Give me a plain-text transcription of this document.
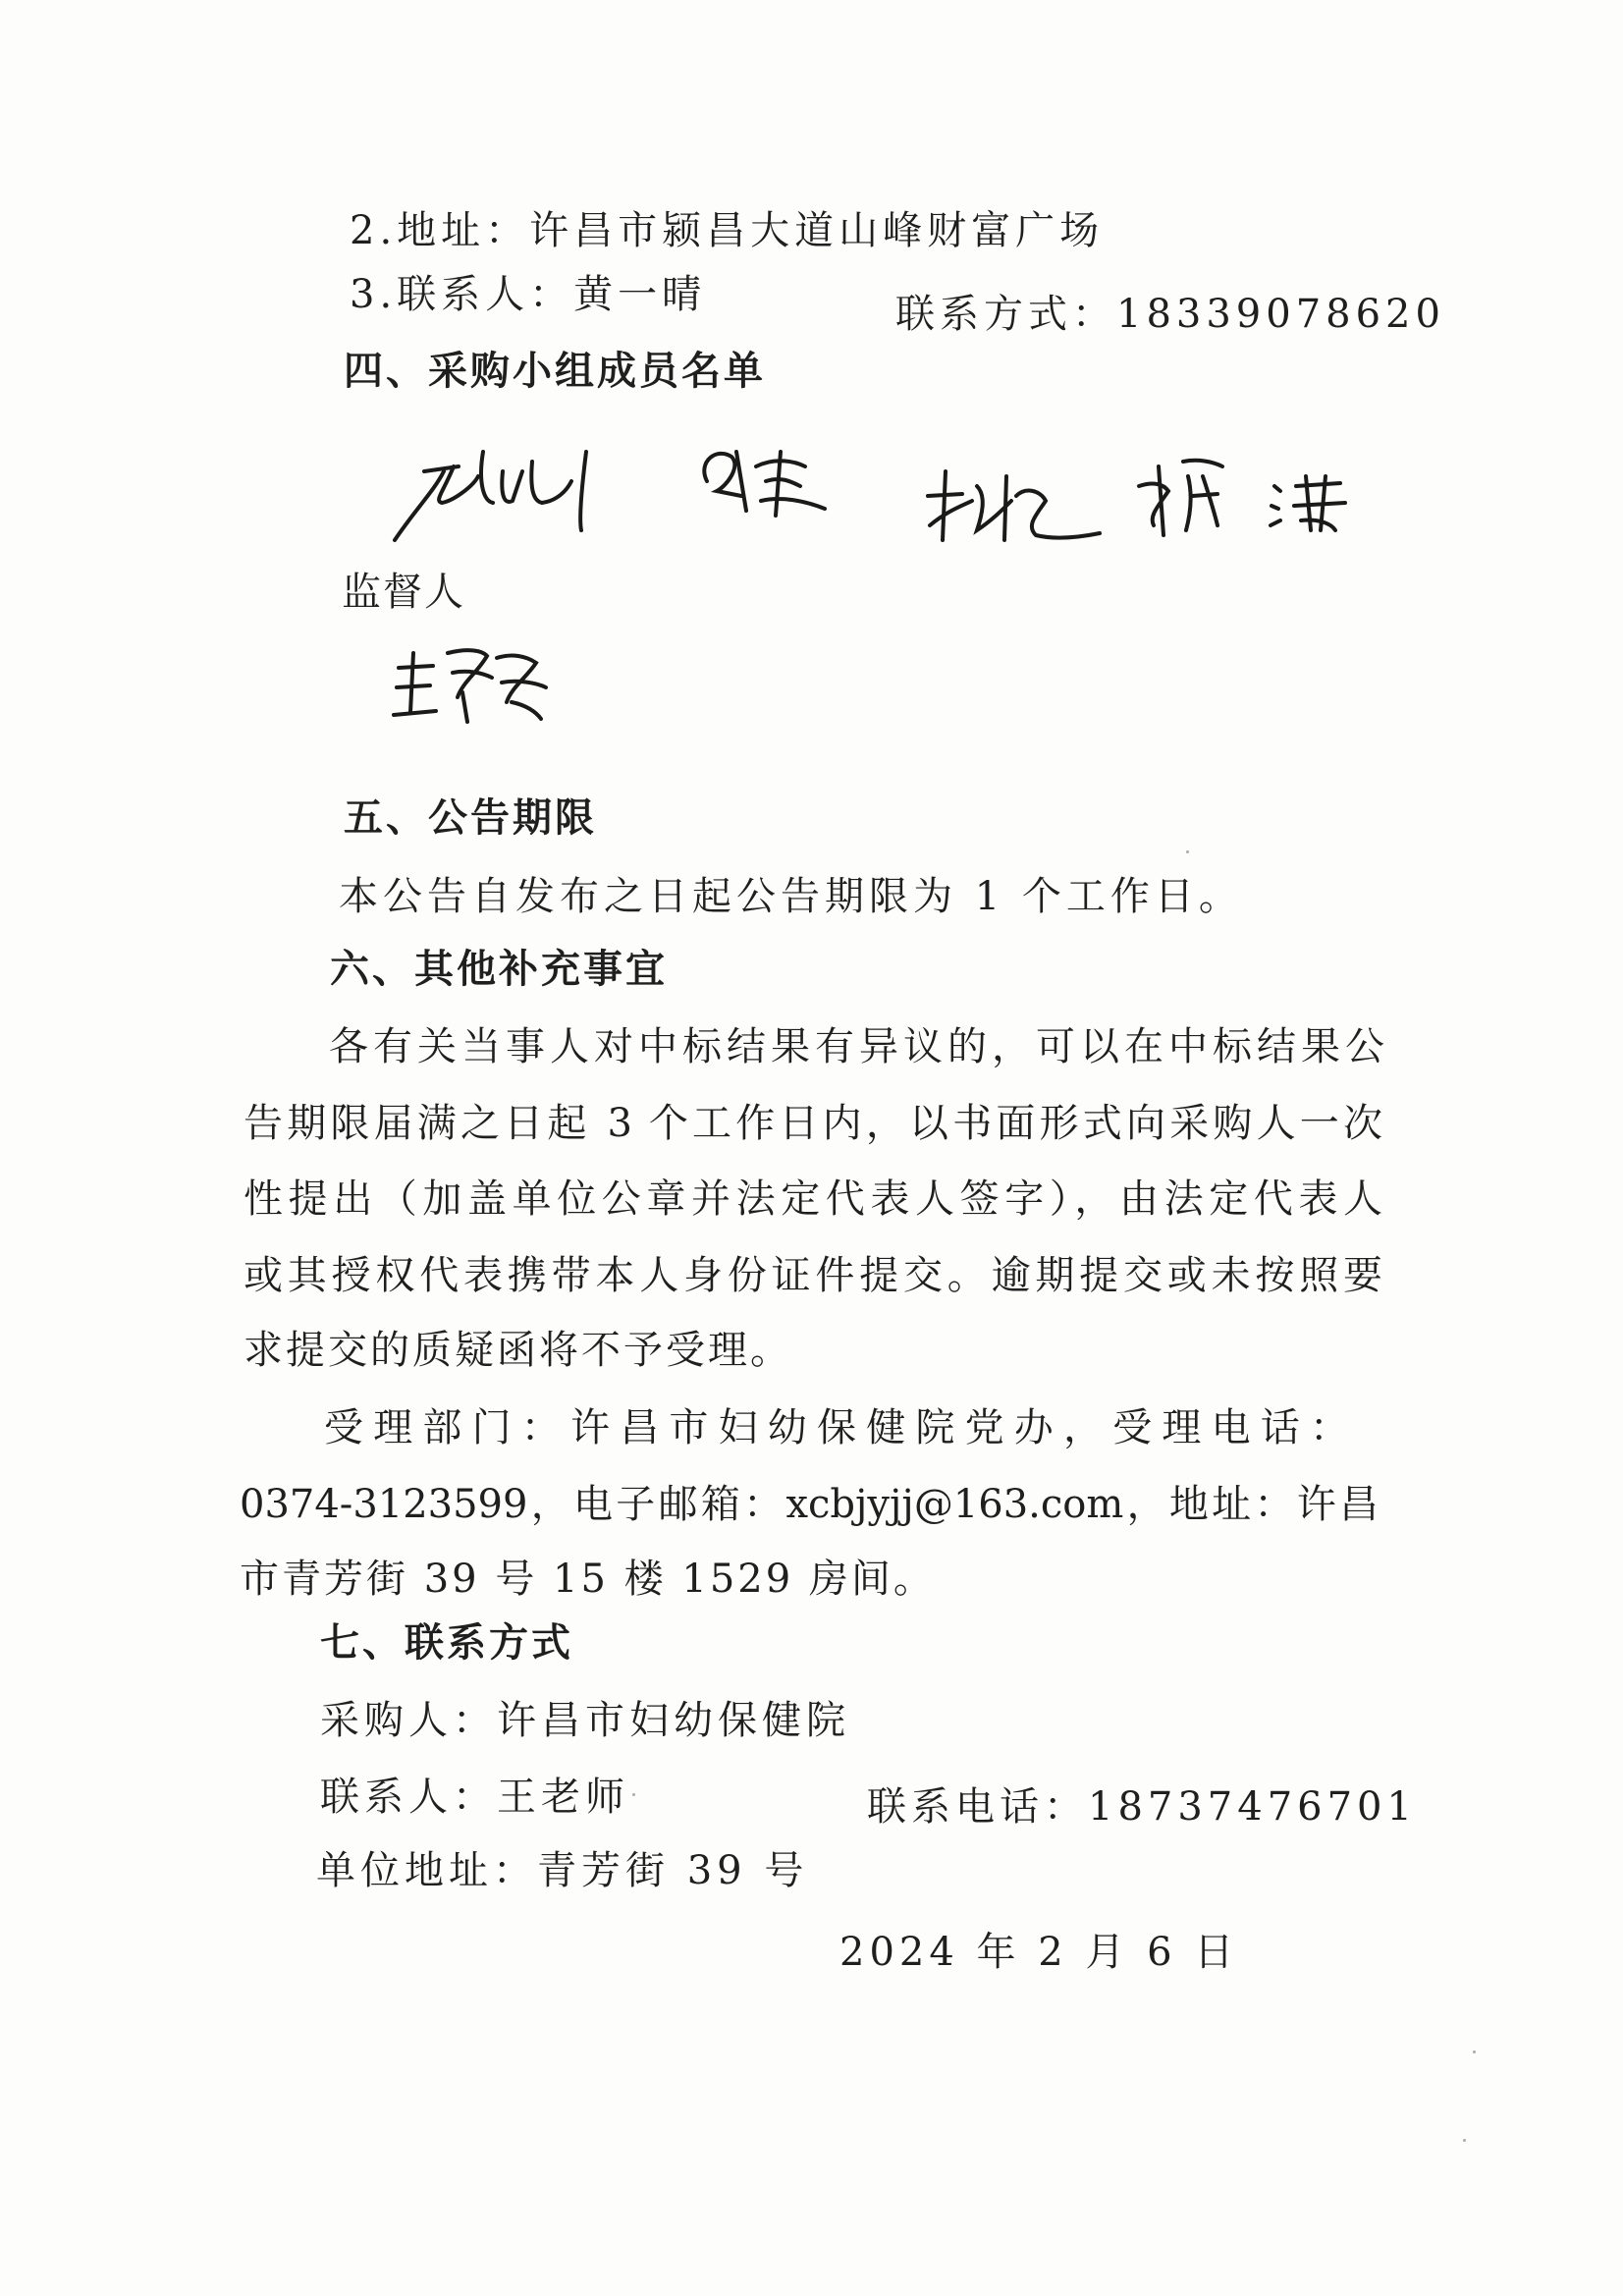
2.地址：许昌市颍昌大道山峰财富广场
3.联系人：黄一晴	联系方式：18339078620
四、采购小组成员名单
监督人
五、公告期限
本公告自发布之日起公告期限为 1 个工作日。
六、其他补充事宜
各有关当事人对中标结果有异议的，可以在中标结果公
告期限届满之日起 3 个工作日内，以书面形式向采购人一次
性提出（加盖单位公章并法定代表人签字），由法定代表人
或其授权代表携带本人身份证件提交。逾期提交或未按照要
求提交的质疑函将不予受理。
受理部门：许昌市妇幼保健院党办，受理电话：
0374-3123599，电子邮箱：xcbjyjj@163.com，地址：许昌
市青芳街 39 号 15 楼 1529 房间。
七、联系方式
采购人：许昌市妇幼保健院
联系人：王老师	联系电话：18737476701
单位地址：青芳街 39 号
2024 年 2 月 6 日
